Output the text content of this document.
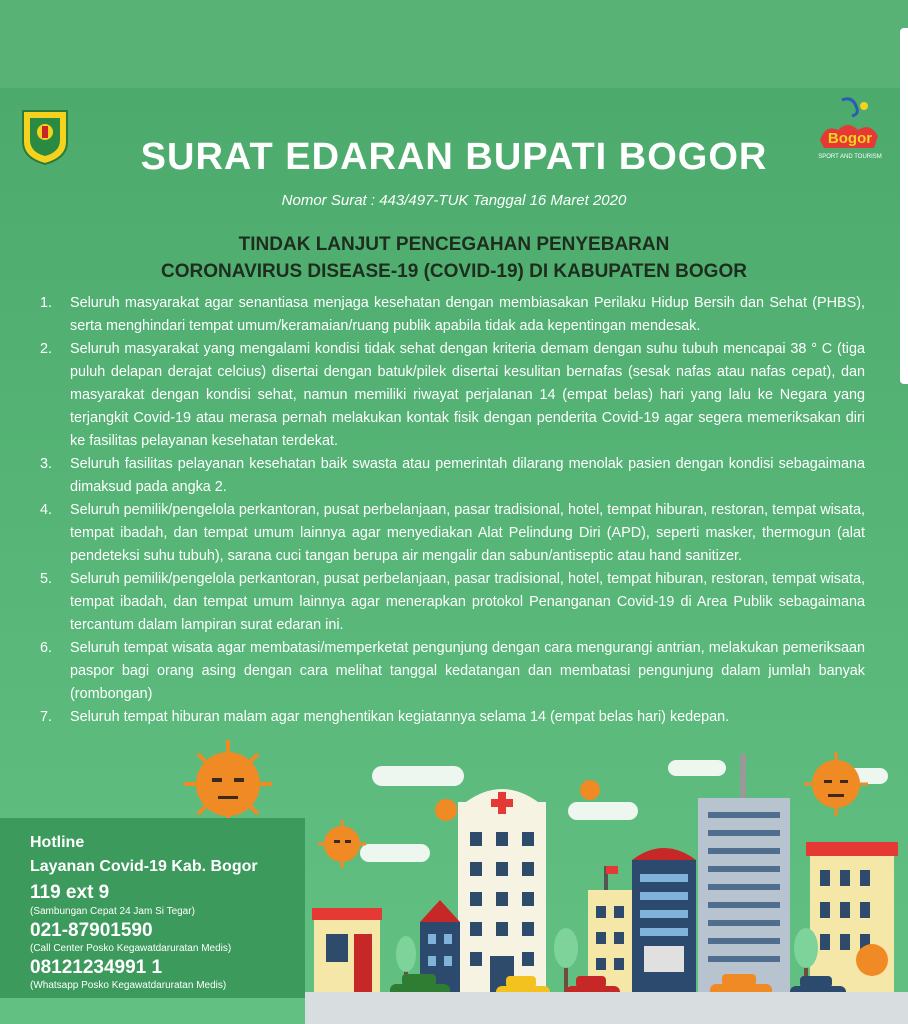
Bogor
SPORT AND TOURISM
SURAT EDARAN BUPATI BOGOR
Nomor Surat : 443/497-TUK Tanggal 16 Maret 2020
TINDAK LANJUT PENCEGAHAN PENYEBARAN
CORONAVIRUS DISEASE-19 (COVID-19) DI KABUPATEN BOGOR
1. Seluruh masyarakat agar senantiasa menjaga kesehatan dengan membiasakan Perilaku Hidup Bersih dan Sehat (PHBS), serta menghindari tempat umum/keramaian/ruang publik apabila tidak ada kepentingan mendesak.
2. Seluruh masyarakat yang mengalami kondisi tidak sehat dengan kriteria demam dengan suhu tubuh mencapai 38 ° C (tiga puluh delapan derajat celcius) disertai dengan batuk/pilek disertai kesulitan bernafas (sesak nafas atau nafas cepat), dan masyarakat dengan kondisi sehat, namun memiliki riwayat perjalanan 14 (empat belas) hari yang lalu ke Negara yang terjangkit Covid-19 atau merasa pernah melakukan kontak fisik dengan penderita Covid-19 agar segera memeriksakan diri ke fasilitas pelayanan kesehatan terdekat.
3. Seluruh fasilitas pelayanan kesehatan baik swasta atau pemerintah dilarang menolak pasien dengan kondisi sebagaimana dimaksud pada angka 2.
4. Seluruh pemilik/pengelola perkantoran, pusat perbelanjaan, pasar tradisional, hotel, tempat hiburan, restoran, tempat wisata, tempat ibadah, dan tempat umum lainnya agar menyediakan Alat Pelindung Diri (APD), seperti masker, thermogun (alat pendeteksi suhu tubuh), sarana cuci tangan berupa air mengalir dan sabun/antiseptic atau hand sanitizer.
5. Seluruh pemilik/pengelola perkantoran, pusat perbelanjaan, pasar tradisional, hotel, tempat hiburan, restoran, tempat wisata, tempat ibadah, dan tempat umum lainnya agar menerapkan protokol Penanganan Covid-19 di Area Publik sebagaimana tercantum dalam lampiran surat edaran ini.
6. Seluruh tempat wisata agar membatasi/memperketat pengunjung dengan cara mengurangi antrian, melakukan pemeriksaan paspor bagi orang asing dengan cara melihat tanggal kedatangan dan membatasi pengunjung dalam jumlah banyak (rombongan)
7. Seluruh tempat hiburan malam agar menghentikan kegiatannya selama 14 (empat belas hari) kedepan.
Hotline
Layanan Covid-19 Kab. Bogor
119 ext 9
(Sambungan Cepat 24 Jam Si Tegar)
021-87901590
(Call Center Posko Kegawatdaruratan Medis)
08121234991 1
(Whatsapp Posko Kegawatdaruratan Medis)
